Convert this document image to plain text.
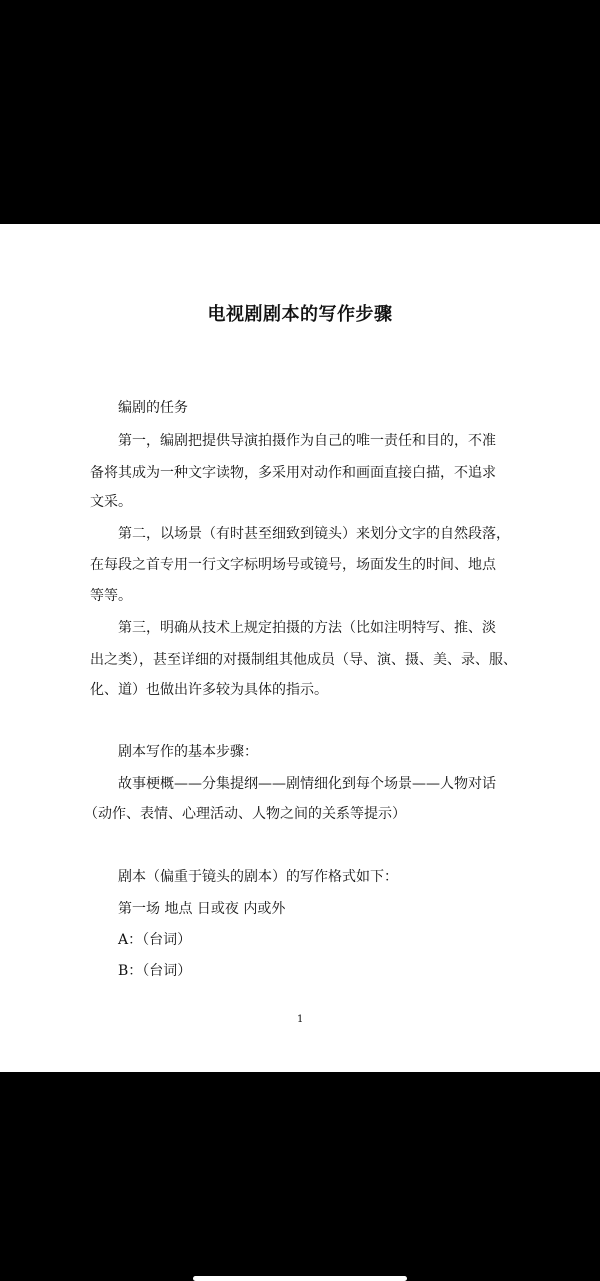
电视剧剧本的写作步骤
编剧的任务
第一，编剧把提供导演拍摄作为自己的唯一责任和目的，不准
备将其成为一种文字读物，多采用对动作和画面直接白描，不追求
文采。
第二，以场景（有时甚至细致到镜头）来划分文字的自然段落，
在每段之首专用一行文字标明场号或镜号，场面发生的时间、地点
等等。
第三，明确从技术上规定拍摄的方法（比如注明特写、推、淡
出之类），甚至详细的对摄制组其他成员（导、演、摄、美、录、服、
化、道）也做出许多较为具体的指示。
剧本写作的基本步骤：
故事梗概——分集提纲——剧情细化到每个场景——人物对话
（动作、表情、心理活动、人物之间的关系等提示）
剧本（偏重于镜头的剧本）的写作格式如下：
第一场 地点 日或夜 内或外
A：（台词）
B：（台词）
1
